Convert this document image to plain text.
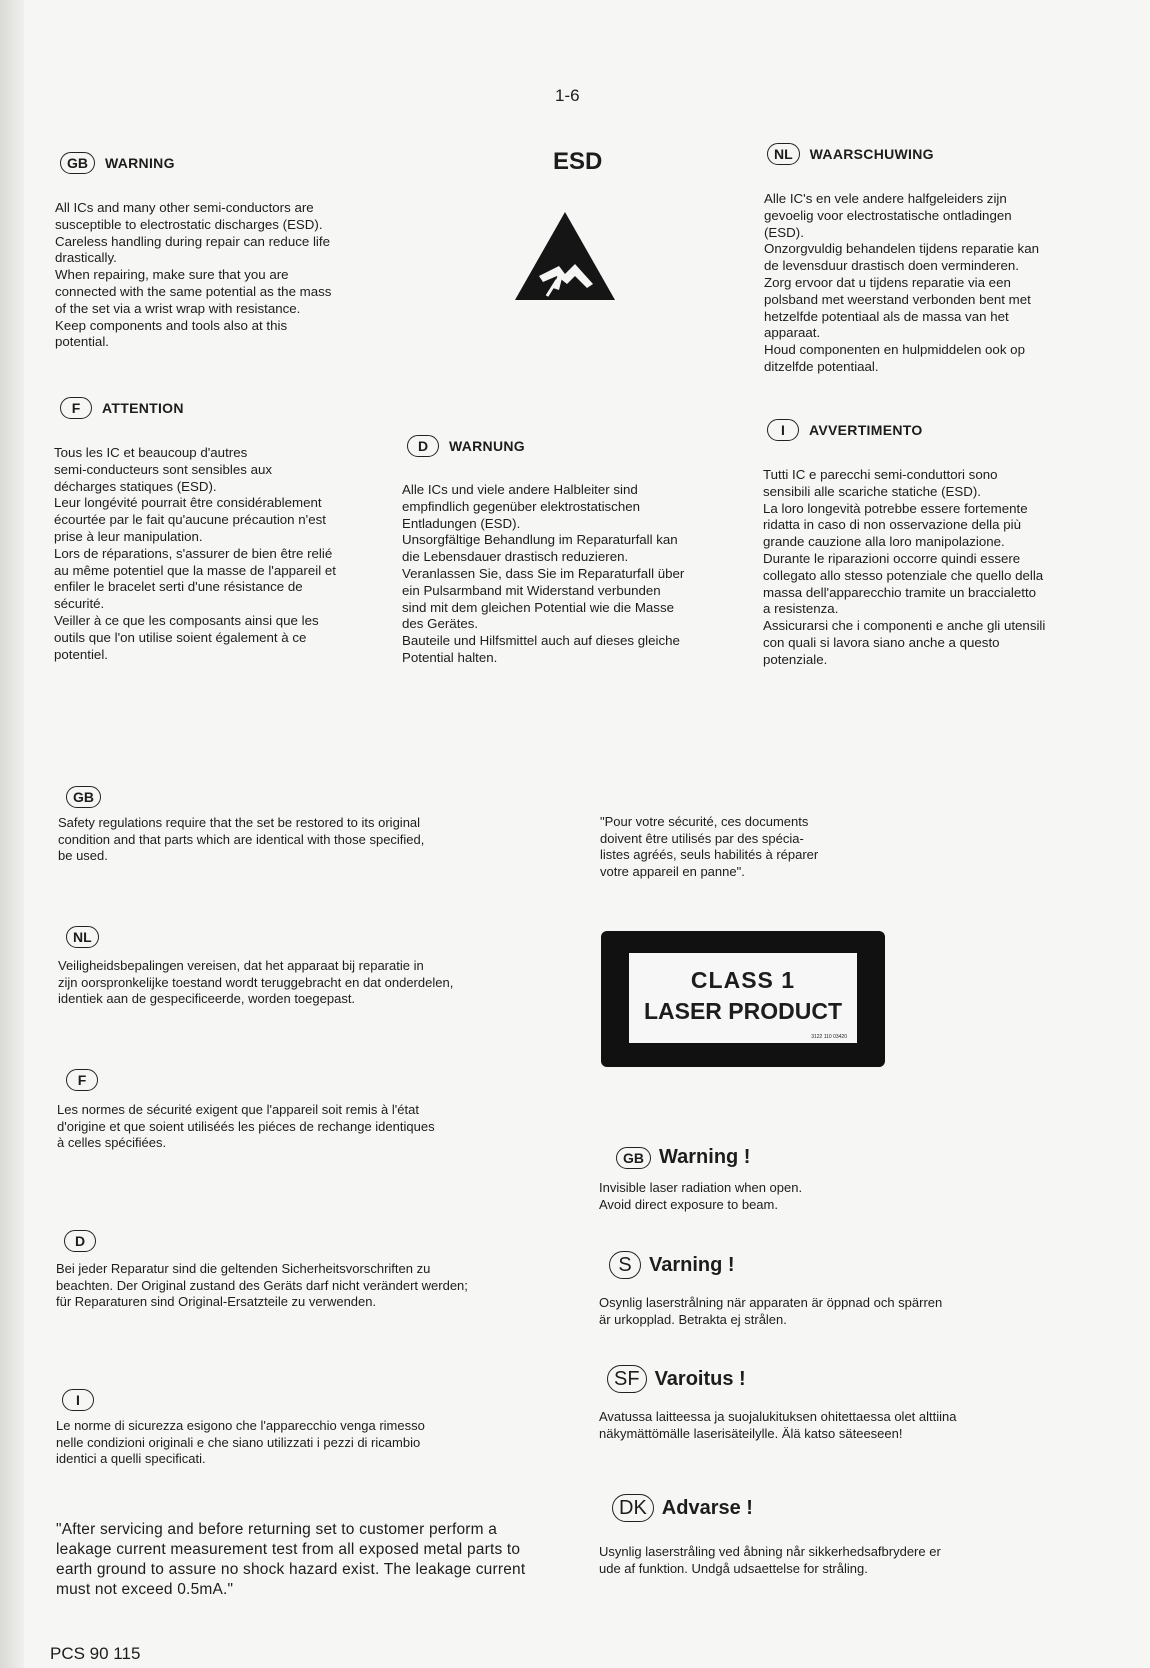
1-6
ESD
GB WARNING
All ICs and many other semi-conductors are
susceptible to electrostatic discharges (ESD).
Careless handling during repair can reduce life
drastically.
When repairing, make sure that you are
connected with the same potential as the mass
of the set via a wrist wrap with resistance.
Keep components and tools also at this
potential.
F ATTENTION
Tous les IC et beaucoup d'autres
semi-conducteurs sont sensibles aux
décharges statiques (ESD).
Leur longévité pourrait être considérablement
écourtée par le fait qu'aucune précaution n'est
prise à leur manipulation.
Lors de réparations, s'assurer de bien être relié
au même potentiel que la masse de l'appareil et
enfiler le bracelet serti d'une résistance de
sécurité.
Veiller à ce que les composants ainsi que les
outils que l'on utilise soient également à ce
potentiel.
D WARNUNG
Alle ICs und viele andere Halbleiter sind
empfindlich gegenüber elektrostatischen
Entladungen (ESD).
Unsorgfältige Behandlung im Reparaturfall kan
die Lebensdauer drastisch reduzieren.
Veranlassen Sie, dass Sie im Reparaturfall über
ein Pulsarmband mit Widerstand verbunden
sind mit dem gleichen Potential wie die Masse
des Gerätes.
Bauteile und Hilfsmittel auch auf dieses gleiche
Potential halten.
NL WAARSCHUWING
Alle IC's en vele andere halfgeleiders zijn
gevoelig voor electrostatische ontladingen
(ESD).
Onzorgvuldig behandelen tijdens reparatie kan
de levensduur drastisch doen verminderen.
Zorg ervoor dat u tijdens reparatie via een
polsband met weerstand verbonden bent met
hetzelfde potentiaal als de massa van het
apparaat.
Houd componenten en hulpmiddelen ook op
ditzelfde potentiaal.
I AVVERTIMENTO
Tutti IC e parecchi semi-conduttori sono
sensibili alle scariche statiche (ESD).
La loro longevità potrebbe essere fortemente
ridatta in caso di non osservazione della più
grande cauzione alla loro manipolazione.
Durante le riparazioni occorre quindi essere
collegato allo stesso potenziale che quello della
massa dell'apparecchio tramite un braccialetto
a resistenza.
Assicurarsi che i componenti e anche gli utensili
con quali si lavora siano anche a questo
potenziale.
GB
Safety regulations require that the set be restored to its original
condition and that parts which are identical with those specified,
be used.
NL
Veiligheidsbepalingen vereisen, dat het apparaat bij reparatie in
zijn oorspronkelijke toestand wordt teruggebracht en dat onderdelen,
identiek aan de gespecificeerde, worden toegepast.
F
Les normes de sécurité exigent que l'appareil soit remis à l'état
d'origine et que soient utiliséés les piéces de rechange identiques
à celles spécifiées.
D
Bei jeder Reparatur sind die geltenden Sicherheitsvorschriften zu
beachten. Der Original zustand des Geräts darf nicht verändert werden;
für Reparaturen sind Original-Ersatzteile zu verwenden.
I
Le norme di sicurezza esigono che l'apparecchio venga rimesso
nelle condizioni originali e che siano utilizzati i pezzi di ricambio
identici a quelli specificati.
"After servicing and before returning set to customer perform a
leakage current measurement test from all exposed metal parts to
earth ground to assure no shock hazard exist. The leakage current
must not exceed 0.5mA."
"Pour votre sécurité, ces documents
doivent être utilisés par des spécia-
listes agréés, seuls habilités à réparer
votre appareil en panne".
CLASS 1
LASER PRODUCT
3122 110 03420
GB Warning !
Invisible laser radiation when open.
Avoid direct exposure to beam.
S Varning !
Osynlig laserstrålning när apparaten är öppnad och spärren
är urkopplad. Betrakta ej strålen.
SF Varoitus !
Avatussa laitteessa ja suojalukituksen ohitettaessa olet alttiina
näkymättömälle laserisäteilylle. Älä katso säteeseen!
DK Advarse !
Usynlig laserstråling ved åbning når sikkerhedsafbrydere er
ude af funktion. Undgå udsaettelse for stråling.
PCS 90 115
